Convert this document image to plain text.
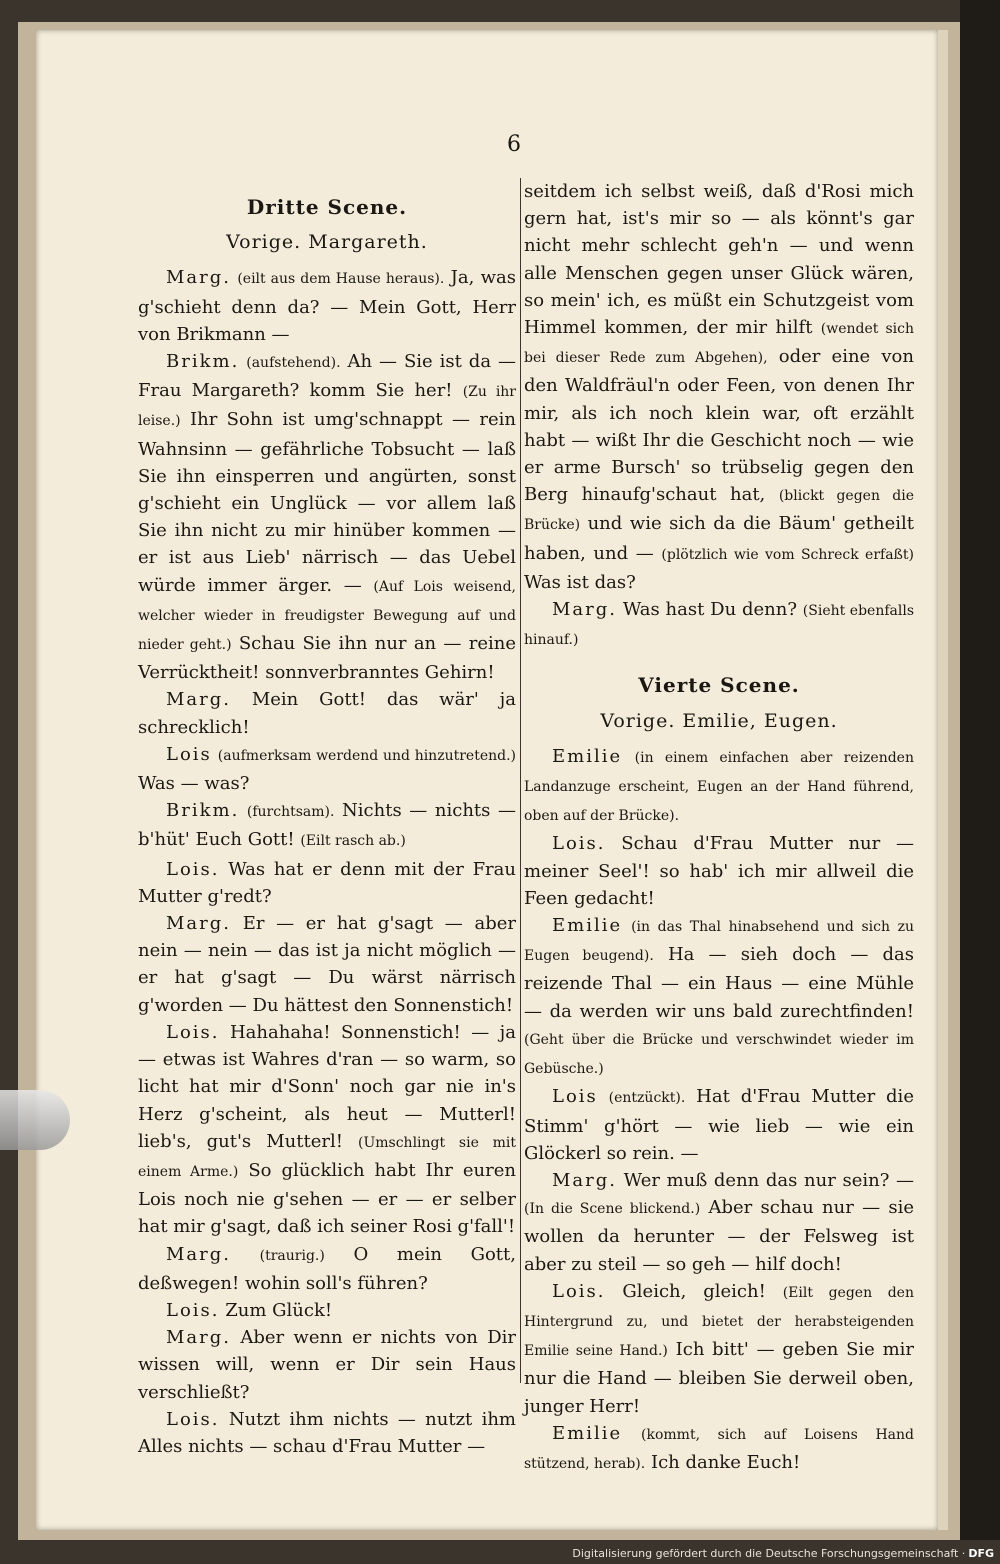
6
Dritte Scene.
Vorige. Margareth.

Marg. (eilt aus dem Hause heraus). Ja, was g'schieht denn da? — Mein Gott, Herr von Brikmann —

Brikm. (aufstehend). Ah — Sie ist da — Frau Margareth? komm Sie her! (Zu ihr leise.) Ihr Sohn ist umg'schnappt — rein Wahnsinn — gefährliche Tobsucht — laß Sie ihn einsperren und angürten, sonst g'schieht ein Unglück — vor allem laß Sie ihn nicht zu mir hinüber kommen — er ist aus Lieb' närrisch — das Uebel würde immer ärger. — (Auf Lois weisend, welcher wieder in freudigster Bewegung auf und nieder geht.) Schau Sie ihn nur an — reine Verrücktheit! sonnverbranntes Gehirn!

Marg. Mein Gott! das wär' ja schrecklich!

Lois (aufmerksam werdend und hinzutretend.) Was — was?

Brikm. (furchtsam). Nichts — nichts — b'hüt' Euch Gott! (Eilt rasch ab.)

Lois. Was hat er denn mit der Frau Mutter g'redt?

Marg. Er — er hat g'sagt — aber nein — nein — das ist ja nicht möglich — er hat g'sagt — Du wärst närrisch g'worden — Du hättest den Sonnenstich!

Lois. Hahahaha! Sonnenstich! — ja — etwas ist Wahres d'ran — so warm, so licht hat mir d'Sonn' noch gar nie in's Herz g'scheint, als heut — Mutterl! lieb's, gut's Mutterl! (Umschlingt sie mit einem Arme.) So glücklich habt Ihr euren Lois noch nie g'sehen — er — er selber hat mir g'sagt, daß ich seiner Rosi g'fall'!

Marg. (traurig.) O mein Gott, deßwegen! wohin soll's führen?

Lois. Zum Glück!

Marg. Aber wenn er nichts von Dir wissen will, wenn er Dir sein Haus verschließt?

Lois. Nutzt ihm nichts — nutzt ihm Alles nichts — schau d'Frau Mutter —

seitdem ich selbst weiß, daß d'Rosi mich gern hat, ist's mir so — als könnt's gar nicht mehr schlecht geh'n — und wenn alle Menschen gegen unser Glück wären, so mein' ich, es müßt ein Schutzgeist vom Himmel kommen, der mir hilft (wendet sich bei dieser Rede zum Abgehen), oder eine von den Waldfräul'n oder Feen, von denen Ihr mir, als ich noch klein war, oft erzählt habt — wißt Ihr die Geschicht noch — wie er arme Bursch' so trübselig gegen den Berg hinaufg'schaut hat, (blickt gegen die Brücke) und wie sich da die Bäum' getheilt haben, und — (plötzlich wie vom Schreck erfaßt) Was ist das?

Marg. Was hast Du denn? (Sieht ebenfalls hinauf.)

Vierte Scene.
Vorige. Emilie, Eugen.

Emilie (in einem einfachen aber reizenden Landanzuge erscheint, Eugen an der Hand führend, oben auf der Brücke).

Lois. Schau d'Frau Mutter nur — meiner Seel'! so hab' ich mir allweil die Feen gedacht!

Emilie (in das Thal hinabsehend und sich zu Eugen beugend). Ha — sieh doch — das reizende Thal — ein Haus — eine Mühle — da werden wir uns bald zurechtfinden! (Geht über die Brücke und verschwindet wieder im Gebüsche.)

Lois (entzückt). Hat d'Frau Mutter die Stimm' g'hört — wie lieb — wie ein Glöckerl so rein. —

Marg. Wer muß denn das nur sein? — (In die Scene blickend.) Aber schau nur — sie wollen da herunter — der Felsweg ist aber zu steil — so geh — hilf doch!

Lois. Gleich, gleich! (Eilt gegen den Hintergrund zu, und bietet der herabsteigenden Emilie seine Hand.) Ich bitt' — geben Sie mir nur die Hand — bleiben Sie derweil oben, junger Herr!

Emilie (kommt, sich auf Loisens Hand stützend, herab). Ich danke Euch!

Digitalisierung gefördert durch die Deutsche Forschungsgemeinschaft · DFG
